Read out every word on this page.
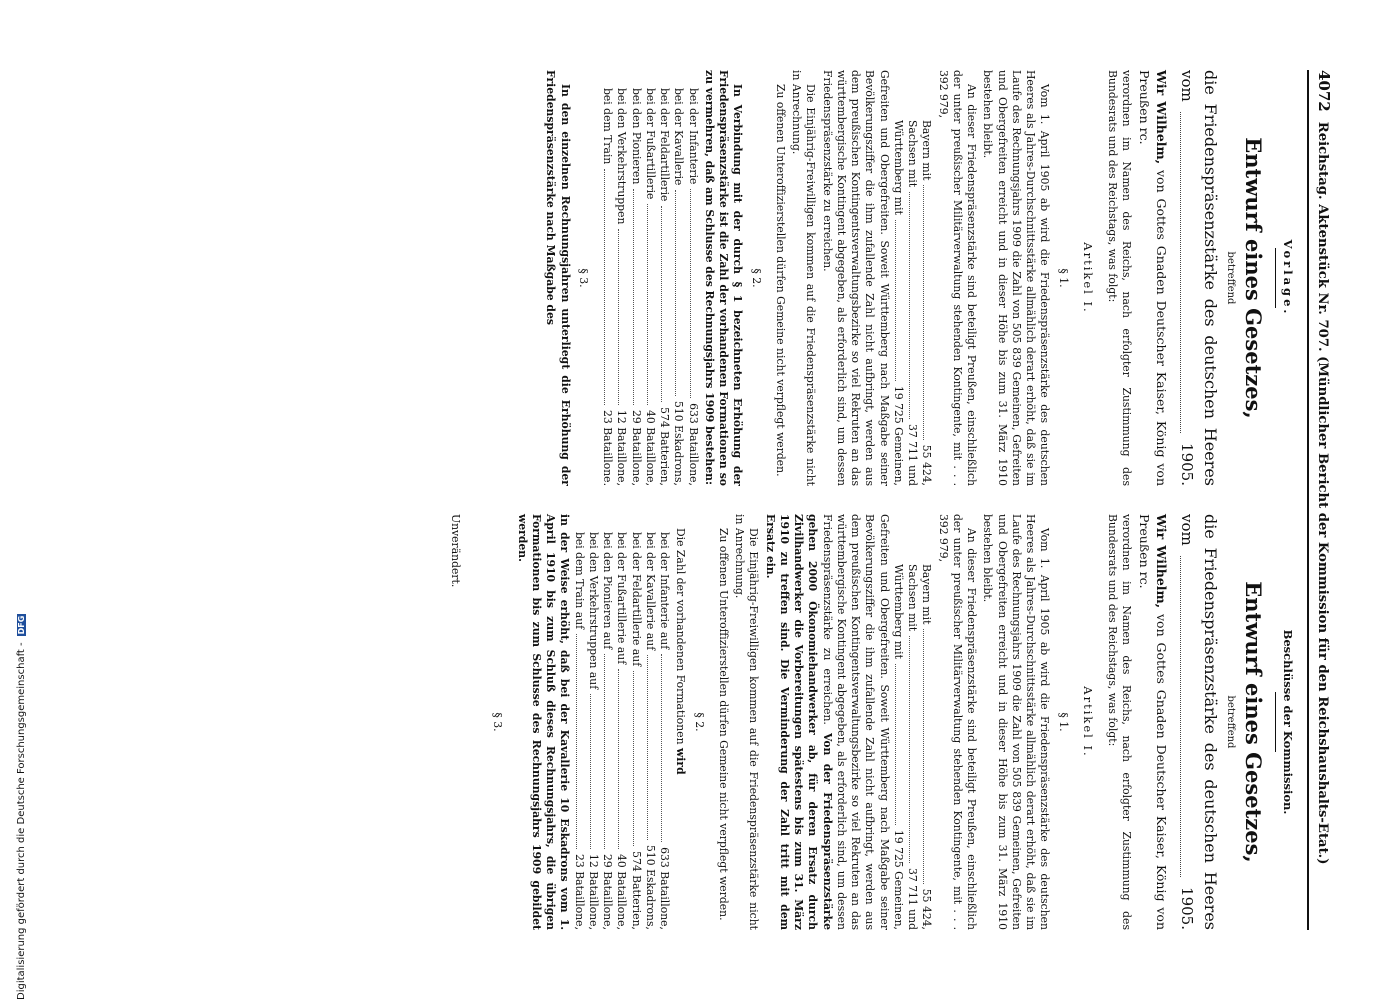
4072
Reichstag. Aktenstück Nr. 707. (Mündlicher Bericht der Kommission für den Reichshaushalts-Etat.)
Vorlage.
Entwurf eines Gesetzes,
betreffend
die Friedenspräsenzstärke des deutschen Heeres
vom
1905.

Wir Wilhelm, von Gottes Gnaden Deutscher Kaiser, König von Preußen rc.

verordnen im Namen des Reichs, nach erfolgter Zustimmung des Bundesrats und des Reichstags, was folgt:

Artikel I.
§ 1.

Vom 1. April 1905 ab wird die Friedenspräsenzstärke des deutschen Heeres als Jahres-Durchschnittsstärke allmählich derart erhöht, daß sie im Laufe des Rechnungsjahrs 1909 die Zahl von 505 839 Gemeinen, Gefreiten und Obergefreiten erreicht und in dieser Höhe bis zum 31. März 1910 bestehen bleibt.

An dieser Friedenspräsenzstärke sind beteiligt Preußen, einschließlich der unter preußischer Militärverwaltung stehenden Kontingente, mit . . . 392 979,

Bayern mit
55 424,
Sachsen mit
37 711 und
Württemberg mit
19 725 Gemeinen,

Gefreiten und Obergefreiten. Soweit Württemberg nach Maßgabe seiner Bevölkerungsziffer die ihm zufallende Zahl nicht aufbringt, werden aus dem preußischen Kontingentsverwaltungsbezirke so viel Rekruten an das württembergische Kontingent abgegeben, als erforderlich sind, um dessen Friedenspräsenzstärke zu erreichen.

Die Einjährig-Freiwilligen kommen auf die Friedenspräsenzstärke nicht in Anrechnung.

Zu offenen Unteroffizierstellen dürfen Gemeine nicht verpflegt werden.

§ 2.

In Verbindung mit der durch § 1 bezeichneten Erhöhung der Friedenspräsenzstärke ist die Zahl der vorhandenen Formationen so zu vermehren, daß am Schlusse des Rechnungsjahrs 1909 bestehen:

bei der Infanterie
633 Bataillone,
bei der Kavallerie
510 Eskadrons,
bei der Feldartillerie
574 Batterien,
bei der Fußartillerie
40 Bataillone,
bei den Pionieren
29 Bataillone,
bei den Verkehrstruppen
12 Bataillone,
bei dem Train
23 Bataillone.
§ 3.

In den einzelnen Rechnungsjahren unterliegt die Erhöhung der Friedenspräsenzstärke nach Maßgabe des

Beschlüsse der Kommission.
Entwurf eines Gesetzes,
betreffend
die Friedenspräsenzstärke des deutschen Heeres
vom
1905.

Wir Wilhelm, von Gottes Gnaden Deutscher Kaiser, König von Preußen rc.

verordnen im Namen des Reichs, nach erfolgter Zustimmung des Bundesrats und des Reichstags, was folgt:

Artikel I.
§ 1.

Vom 1. April 1905 ab wird die Friedenspräsenzstärke des deutschen Heeres als Jahres-Durchschnittsstärke allmählich derart erhöht, daß sie im Laufe des Rechnungsjahrs 1909 die Zahl von 505 839 Gemeinen, Gefreiten und Obergefreiten erreicht und in dieser Höhe bis zum 31. März 1910 bestehen bleibt.

An dieser Friedenspräsenzstärke sind beteiligt Preußen, einschließlich der unter preußischer Militärverwaltung stehenden Kontingente, mit . . . 392 979,

Bayern mit
55 424,
Sachsen mit
37 711 und
Württemberg mit
19 725 Gemeinen,

Gefreiten und Obergefreiten. Soweit Württemberg nach Maßgabe seiner Bevölkerungsziffer die ihm zufallende Zahl nicht aufbringt, werden aus dem preußischen Kontingentsverwaltungsbezirke so viel Rekruten an das württembergische Kontingent abgegeben, als erforderlich sind, um dessen Friedenspräsenzstärke zu erreichen. Von der Friedenspräsenzstärke gehen 2000 Ökonomiehandwerker ab, für deren Ersatz durch Zivilhandwerker die Vorbereitungen spätestens bis zum 31. März 1910 zu treffen sind. Die Verminderung der Zahl tritt mit dem Ersatz ein.

Die Einjährig-Freiwilligen kommen auf die Friedenspräsenzstärke nicht in Anrechnung.

Zu offenen Unteroffizierstellen dürfen Gemeine nicht verpflegt werden.

§ 2.

Die Zahl der vorhandenen Formationen wird

bei der Infanterie auf
633 Bataillone,
bei der Kavallerie auf
510 Eskadrons,
bei der Feldartillerie auf
574 Batterien,
bei der Fußartillerie auf
40 Bataillone,
bei den Pionieren auf
29 Bataillone,
bei den Verkehrstruppen auf
12 Bataillone,
bei dem Train auf
23 Bataillone,

in der Weise erhöht, daß bei der Kavallerie 10 Eskadrons vom 1. April 1910 bis zum Schluß dieses Rechnungsjahrs, die übrigen Formationen bis zum Schlusse des Rechnungsjahrs 1909 gebildet werden.

§ 3.

Unverändert.

Digitalisierung gefördert durch die Deutsche Forschungsgemeinschaft -
DFG
